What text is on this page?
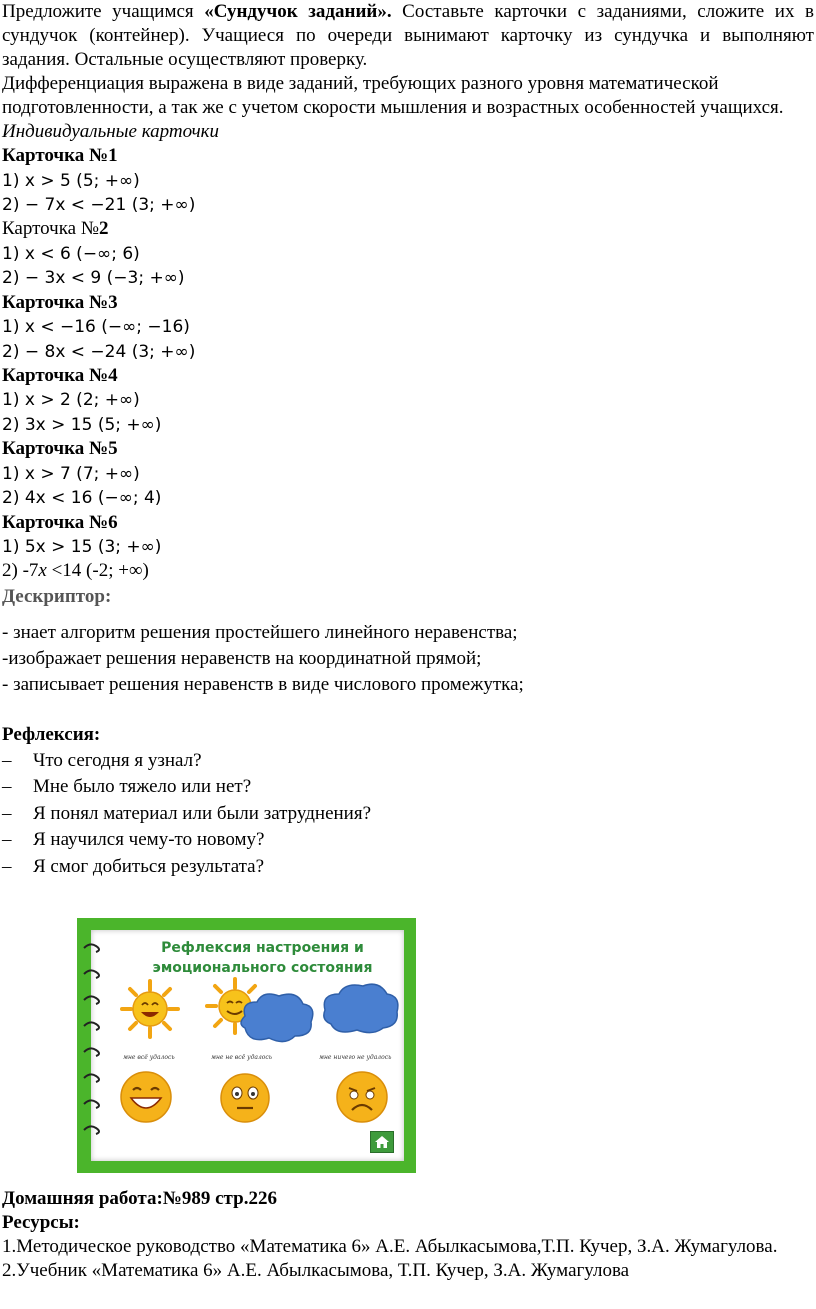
Предложите учащимся «Сундучок заданий». Составьте карточки с заданиями, сложите их в сундучок (контейнер). Учащиеся по очереди вынимают карточку из сундучка и выполняют задания. Остальные осуществляют проверку.

Дифференциация выражена в виде заданий, требующих разного уровня математической подготовленности, а так же с учетом скорости мышления и возрастных особенностей учащихся.

Индивидуальные карточки

Карточка №1

1) x > 5 (5; +∞)

2) − 7x < −21 (3; +∞)

Карточка №2

1) x < 6 (−∞; 6)

2) − 3x < 9 (−3; +∞)

Карточка №3

1) x < −16 (−∞; −16)

2) − 8x < −24 (3; +∞)

Карточка №4

1) x > 2 (2; +∞)

2) 3x > 15 (5; +∞)

Карточка №5

1) x > 7 (7; +∞)

2) 4x < 16 (−∞; 4)

Карточка №6

1) 5x > 15 (3; +∞)

2) -7x <14 (-2; +∞)

Дескриптор:

- знает алгоритм решения простейшего линейного неравенства;

-изображает решения неравенств на координатной прямой;

- записывает решения неравенств в виде числового промежутка;

Рефлексия:

– Что сегодня я узнал?
– Мне было тяжело или нет?
– Я понял материал или были затруднения?
– Я научился чему-то новому?
– Я смог добиться результата?
Рефлексия настроения и
эмоционального состояния
мне всё удалось	мне не всё удалось	мне ничего не удалось

Домашняя работа:№989 стр.226

Ресурсы:

1.Методическое руководство «Математика 6» А.Е. Абылкасымова,Т.П. Кучер, З.А. Жумагулова.

2.Учебник «Математика 6» А.Е. Абылкасымова, Т.П. Кучер, З.А. Жумагулова
